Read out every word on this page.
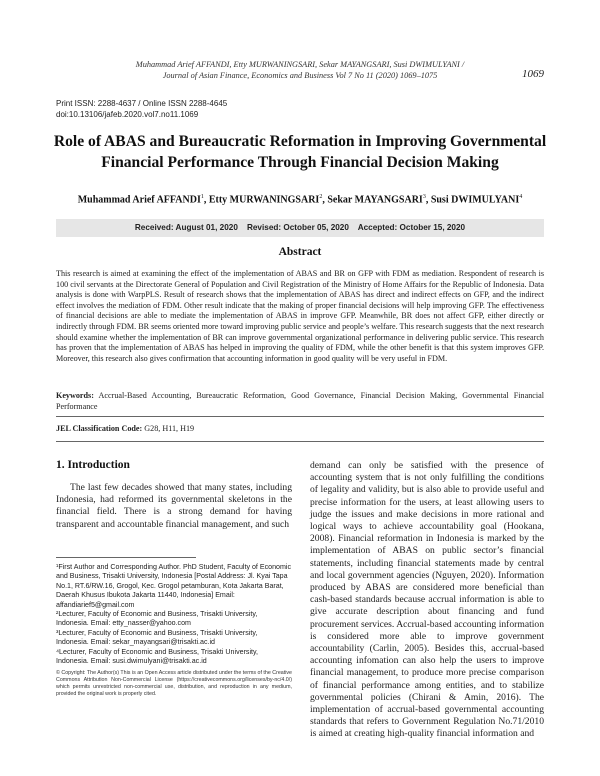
Muhammad Arief AFFANDI, Etty MURWANINGSARI, Sekar MAYANGSARI, Susi DWIMULYANI /
Journal of Asian Finance, Economics and Business Vol 7 No 11 (2020) 1069–1075	1069
Print ISSN: 2288-4637 / Online ISSN 2288-4645
doi:10.13106/jafeb.2020.vol7.no11.1069
Role of ABAS and Bureaucratic Reformation in Improving Governmental
Financial Performance Through Financial Decision Making
Muhammad Arief AFFANDI$^1$, Etty MURWANINGSARI$^2$, Sekar MAYANGSARI$^3$, Susi DWIMULYANI$^4$
Received: August 01, 2020    Revised: October 05, 2020    Accepted: October 15, 2020
Abstract
This research is aimed at examining the effect of the implementation of ABAS and BR on GFP with FDM as mediation. Respondent of research is 100 civil servants at the Directorate General of Population and Civil Registration of the Ministry of Home Affairs for the Republic of Indonesia. Data analysis is done with WarpPLS. Result of research shows that the implementation of ABAS has direct and indirect effects on GFP, and the indirect effect involves the mediation of FDM. Other result indicate that the making of proper financial decisions will help improving GFP. The effectiveness of financial decisions are able to mediate the implementation of ABAS in improve GFP. Meanwhile, BR does not affect GFP, either directly or indirectly through FDM. BR seems oriented more toward improving public service and people’s welfare. This research suggests that the next research should examine whether the implementation of BR can improve governmental organizational performance in delivering public service. This research has proven that the implementation of ABAS has helped in improving the quality of FDM, while the other benefit is that this system improves GFP. Moreover, this research also gives confirmation that accounting information in good quality will be very useful in FDM.
Keywords: Accrual-Based Accounting, Bureaucratic Reformation, Good Governance, Financial Decision Making, Governmental Financial Performance
JEL Classification Code: G28, H11, H19
1. Introduction
The last few decades showed that many states, including Indonesia, had reformed its governmental skeletons in the financial field. There is a strong demand for having transparent and accountable financial management, and such
¹First Author and Corresponding Author. PhD Student, Faculty of Economic and Business, Trisakti University, Indonesia [Postal Address: Jl. Kyai Tapa No.1, RT.6/RW.16, Grogol, Kec. Grogol petamburan, Kota Jakarta Barat, Daerah Khusus Ibukota Jakarta 11440, Indonesia] Email: affandiarief5@gmail.com
²Lecturer, Faculty of Economic and Business, Trisakti University, Indonesia. Email: etty_nasser@yahoo.com
³Lecturer, Faculty of Economic and Business, Trisakti University, Indonesia. Email: sekar_mayangsari@trisakti.ac.id
⁴Lecturer, Faculty of Economic and Business, Trisakti University, Indonesia. Email: susi.dwimulyani@trisakti.ac.id
© Copyright: The Author(s) This is an Open Access article distributed under the terms of the Creative Commons Attribution Non-Commercial License (https://creativecommons.org/licenses/by-nc/4.0/) which permits unrestricted non-commercial use, distribution, and reproduction in any medium, provided the original work is properly cited.
demand can only be satisfied with the presence of accounting system that is not only fulfilling the conditions of legality and validity, but is also able to provide useful and precise information for the users, at least allowing users to judge the issues and make decisions in more rational and logical ways to achieve accountability goal (Hookana, 2008). Financial reformation in Indonesia is marked by the implementation of ABAS on public sector’s financial statements, including financial statements made by central and local government agencies (Nguyen, 2020). Information produced by ABAS are considered more beneficial than cash-based standards because accrual information is able to give accurate description about financing and fund procurement services. Accrual-based accounting information is considered more able to improve government accountability (Carlin, 2005). Besides this, accrual-based accounting infomation can also help the users to improve financial management, to produce more precise comparison of financial performance among entities, and to stabilize governmental policies (Chirani & Amin, 2016). The implementation of accrual-based governmental accounting standards that refers to Government Regulation No.71/2010 is aimed at creating high-quality financial information and
